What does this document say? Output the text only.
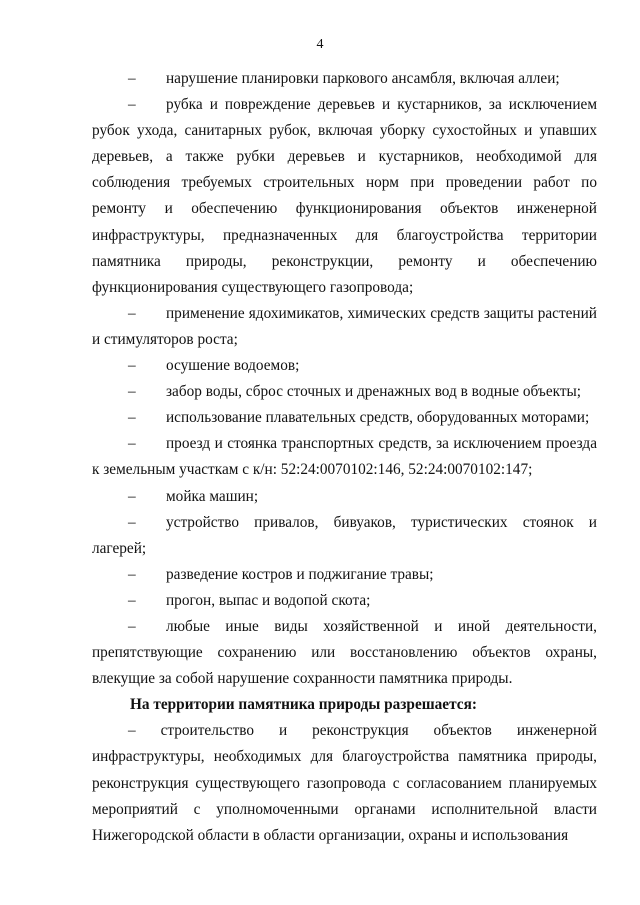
4

– нарушение планировки паркового ансамбля, включая аллеи;

– рубка и повреждение деревьев и кустарников, за исключением рубок ухода, санитарных рубок, включая уборку сухостойных и упавших деревьев, а также рубки деревьев и кустарников, необходимой для соблюдения требуемых строительных норм при проведении работ по ремонту и обеспечению функционирования объектов инженерной инфраструктуры, предназначенных для благоустройства территории памятника природы, реконструкции, ремонту и обеспечению функционирования существующего газопровода;

– применение ядохимикатов, химических средств защиты растений и стимуляторов роста;

– осушение водоемов;

– забор воды, сброс сточных и дренажных вод в водные объекты;

– использование плавательных средств, оборудованных моторами;

– проезд и стоянка транспортных средств, за исключением проезда к земельным участкам с к/н: 52:24:0070102:146, 52:24:0070102:147;

– мойка машин;

– устройство привалов, бивуаков, туристических стоянок и лагерей;

– разведение костров и поджигание травы;

– прогон, выпас и водопой скота;

– любые иные виды хозяйственной и иной деятельности, препятствующие сохранению или восстановлению объектов охраны, влекущие за собой нарушение сохранности памятника природы.

На территории памятника природы разрешается:

– строительство и реконструкция объектов инженерной инфраструктуры, необходимых для благоустройства памятника природы, реконструкция существующего газопровода с согласованием планируемых мероприятий с уполномоченными органами исполнительной власти Нижегородской области в области организации, охраны и использования
